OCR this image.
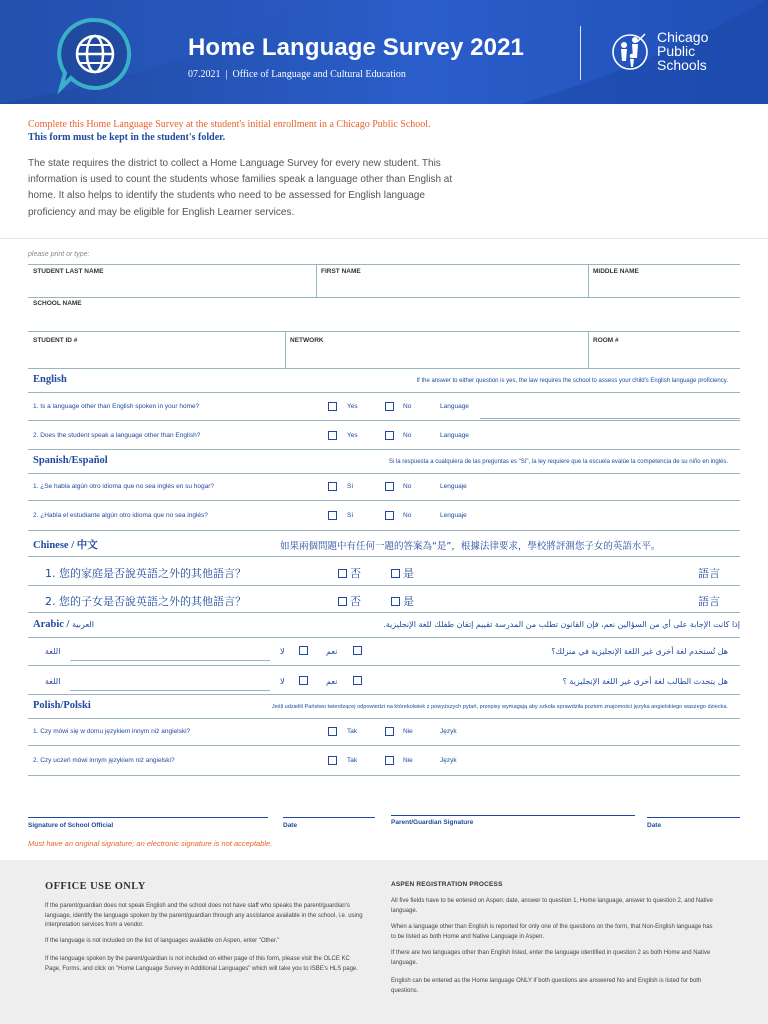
Home Language Survey 2021
07.2021 | Office of Language and Cultural Education
Chicago
Public
Schools
Complete this Home Language Survey at the student's initial enrollment in a Chicago Public School.
This form must be kept in the student's folder.
The state requires the district to collect a Home Language Survey for every new student. This information is used to count the students whose families speak a language other than English at home. It also helps to identify the students who need to be assessed for English language proficiency and may be eligible for English Learner services.
please print or type:
STUDENT LAST NAME	FIRST NAME	MIDDLE NAME
SCHOOL NAME
STUDENT ID #	NETWORK	ROOM #
English	If the answer to either question is yes, the law requires the school to assess your child's English language proficiency.
1. Is a language other than English spoken in your home?	Yes	No	Language
2. Does the student speak a language other than English?	Yes	No	Language
Spanish/Español	Si la respuesta a cualquiera de las preguntas es "Sí", la ley requiere que la escuela evalúe la competencia de su niño en inglés.
1. ¿Se habla algún otro idioma que no sea inglés en su hogar?	Sí	No	Lenguaje
2. ¿Habla el estudiante algún otro idioma que no sea inglés?	Sí	No	Lenguaje
Chinese / 中文	如果兩個問題中有任何一題的答案為“是”，根據法律要求，學校將評測您子女的英語水平。
1. 您的家庭是否說英語之外的其他語言？	否	是	語言
2. 您的子女是否說英語之外的其他語言？	否	是	語言
Arabic / العربية	إذا كانت الإجابة على أي من السؤالين نعم، فإن القانون تطلب من المدرسة تقييم إتقان طفلك للغة الإنجليزية.
اللغة	لا	نعم	هل تُستخدم لغة أخرى غير اللغة الإنجليزية في منزلك؟
اللغة	لا	نعم	هل يتحدث الطالب لغة أخرى غير اللغة الإنجليزية ؟
Polish/Polski	Jeśli udzielili Państwo twierdzącej odpowiedzi na którekolwiek z powyższych pytań, przepisy wymagają aby szkoła sprawdziła poziom znajomości języka angielskiego waszego dziecka.
1. Czy mówi się w domu językiem innym niż angielski?	Tak	Nie	Język
2. Czy uczeń mówi innym językiem niż angielski?	Tak	Nie	Język
Signature of School Official	Date	Parent/Guardian Signature	Date
Must have an original signature; an electronic signature is not acceptable.
OFFICE USE ONLY
If the parent/guardian does not speak English and the school does not have staff who speaks the parent/guardian's language, identify the language spoken by the parent/guardian through any assistance available in the school, i.e. using interpretation services from a vendor.
If the language is not included on the list of languages available on Aspen, enter "Other."
If the language spoken by the parent/guardian is not included on either page of this form, please visit the OLCE KC Page, Forms, and click on "Home Language Survey in Additional Languages" which will take you to ISBE's HLS page.
ASPEN REGISTRATION PROCESS
All five fields have to be entered on Aspen: date, answer to question 1, Home language, answer to question 2, and Native language.
When a language other than English is reported for only one of the questions on the form, that Non-English language has to be listed as both Home and Native Language in Aspen.
If there are two languages other than English listed, enter the language identified in question 2 as both Home and Native language.
English can be entered as the Home language ONLY if both questions are answered No and English is listed for both questions.
